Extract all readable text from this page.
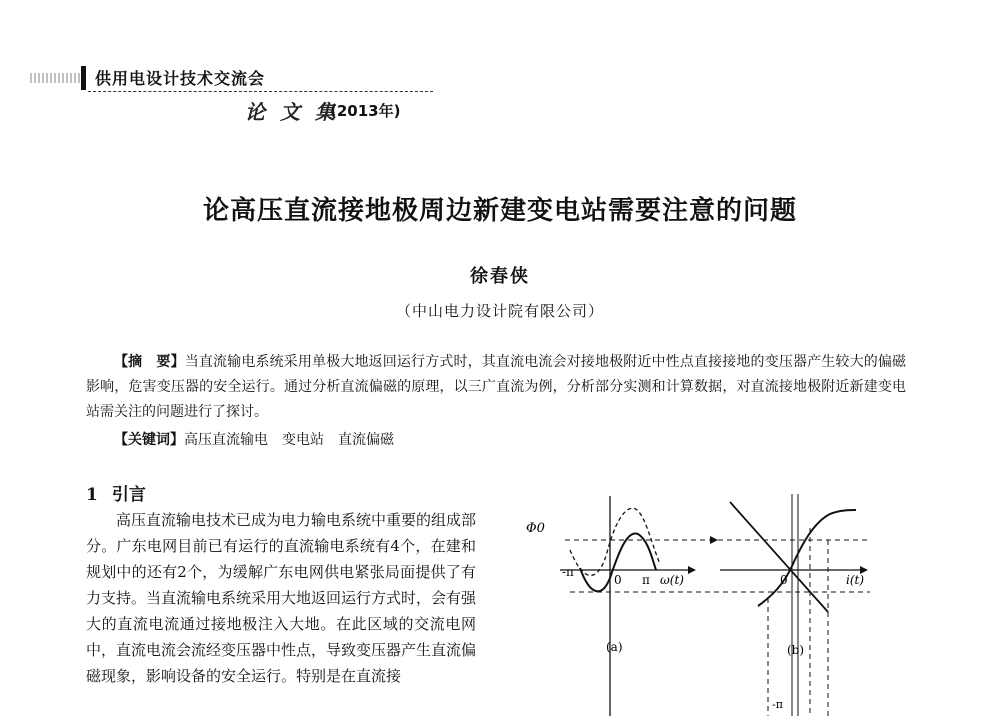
供用电设计技术交流会
论 文 集
(2013年)
论高压直流接地极周边新建变电站需要注意的问题
徐春侠
（中山电力设计院有限公司）
【摘　要】当直流输电系统采用单极大地返回运行方式时，其直流电流会对接地极附近中性点直接接地的变压器产生较大的偏磁影响，危害变压器的安全运行。通过分析直流偏磁的原理，以三广直流为例，分析部分实测和计算数据，对直流接地极附近新建变电站需关注的问题进行了探讨。
【关键词】高压直流输电　变电站　直流偏磁
1 引言
高压直流输电技术已成为电力输电系统中重要的组成部分。广东电网目前已有运行的直流输电系统有4个，在建和规划中的还有2个，为缓解广东电网供电紧张局面提供了有力支持。当直流输电系统采用大地返回运行方式时，会有强大的直流电流通过接地极注入大地。在此区域的交流电网中，直流电流会流经变压器中性点，导致变压器产生直流偏磁现象，影响设备的安全运行。特别是在直流接
Φ0
-π
0 π ω(t)	0	i(t)
(a)	(b)
-π
